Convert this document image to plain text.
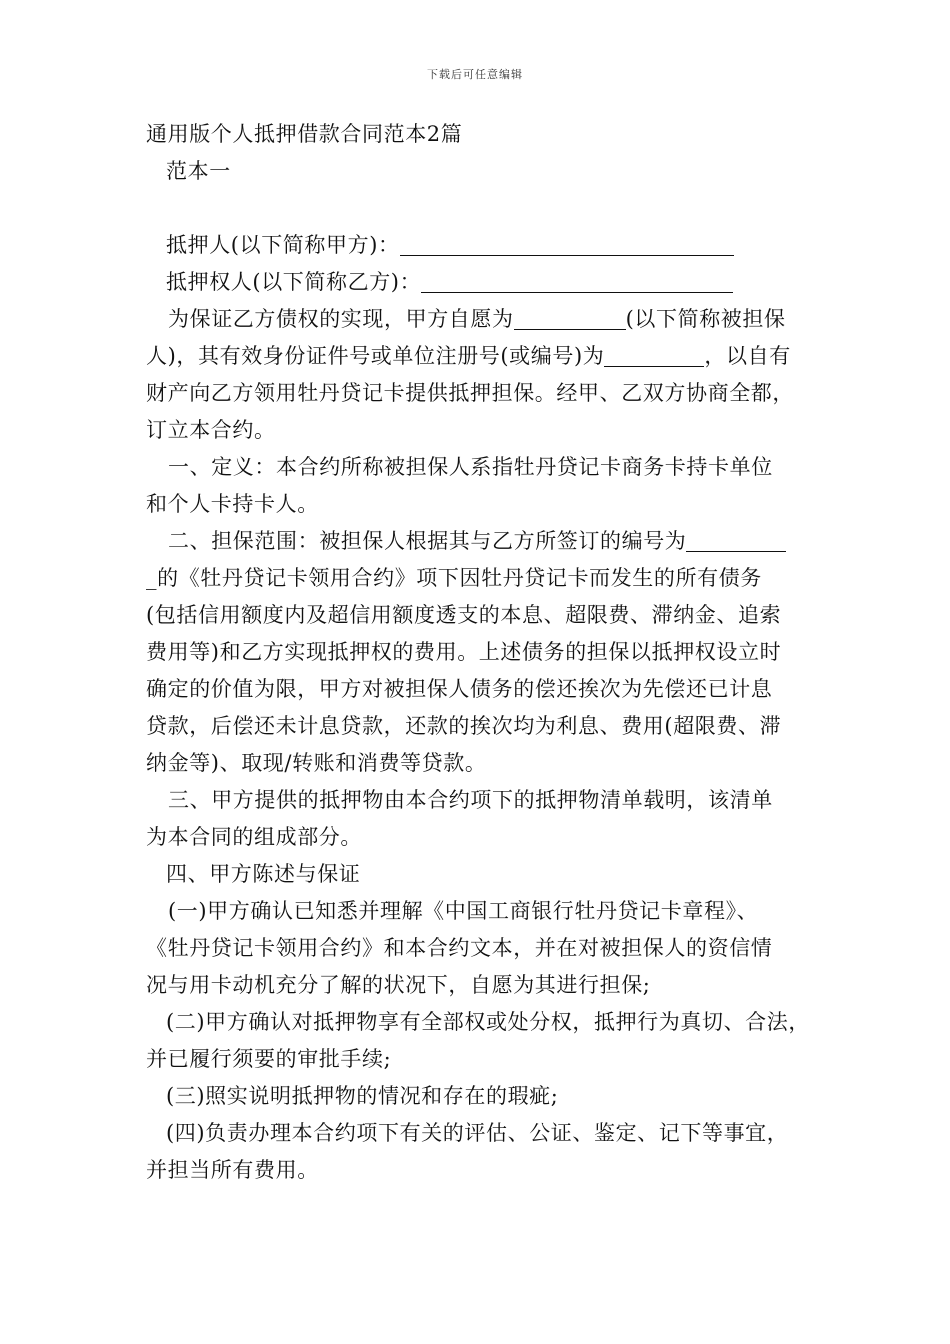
下载后可任意编辑
通用版个人抵押借款合同范本2篇
范本一
抵押人(以下简称甲方)：
抵押权人(以下简称乙方)：
为保证乙方债权的实现，甲方自愿为	(以下简称被担保
人)，其有效身份证件号或单位注册号(或编号)为	，以自有
财产向乙方领用牡丹贷记卡提供抵押担保。经甲、乙双方协商全都，
订立本合约。
一、定义：本合约所称被担保人系指牡丹贷记卡商务卡持卡单位
和个人卡持卡人。
二、担保范围：被担保人根据其与乙方所签订的编号为
_的《牡丹贷记卡领用合约》项下因牡丹贷记卡而发生的所有债务
(包括信用额度内及超信用额度透支的本息、超限费、滞纳金、追索
费用等)和乙方实现抵押权的费用。上述债务的担保以抵押权设立时
确定的价值为限，甲方对被担保人债务的偿还挨次为先偿还已计息
贷款，后偿还未计息贷款，还款的挨次均为利息、费用(超限费、滞
纳金等)、取现/转账和消费等贷款。
三、甲方提供的抵押物由本合约项下的抵押物清单载明，该清单
为本合同的组成部分。
四、甲方陈述与保证
(一)甲方确认已知悉并理解《中国工商银行牡丹贷记卡章程》、
《牡丹贷记卡领用合约》和本合约文本，并在对被担保人的资信情
况与用卡动机充分了解的状况下，自愿为其进行担保;
(二)甲方确认对抵押物享有全部权或处分权，抵押行为真切、合法，
并已履行须要的审批手续;
(三)照实说明抵押物的情况和存在的瑕疵;
(四)负责办理本合约项下有关的评估、公证、鉴定、记下等事宜，
并担当所有费用。
